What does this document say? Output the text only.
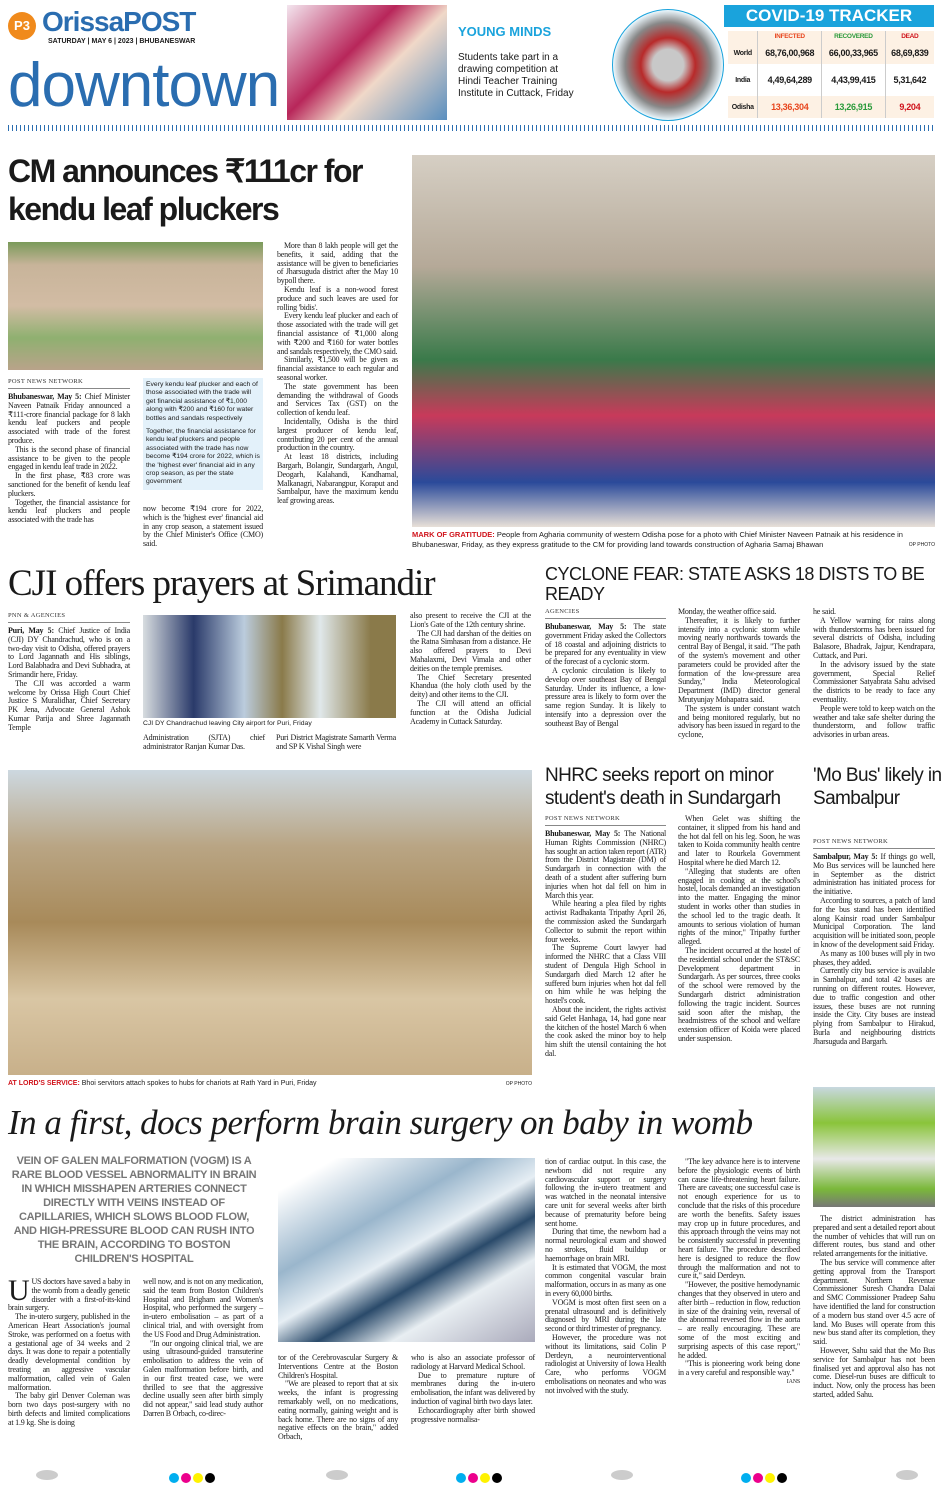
P3 OrissaPOST
SATURDAY | MAY 6 | 2023 | BHUBANESWAR
downtown
YOUNG MINDS
Students take part in a drawing competition at Hindi Teacher Training Institute in Cuttack, Friday
COVID-19 TRACKER
	INFECTED	RECOVERED	DEAD
World	68,76,00,968	66,00,33,965	68,69,839
India	4,49,64,289	4,43,99,415	5,31,642
Odisha	13,36,304	13,26,915	9,204
CM announces ₹111cr for kendu leaf pluckers
POST NEWS NETWORK

Bhubaneswar, May 5: Chief Minister Naveen Patnaik Friday announced a ₹111-crore financial package for 8 lakh kendu leaf puckers and people associated with trade of the forest produce.

This is the second phase of financial assistance to be given to the people engaged in kendu leaf trade in 2022.

In the first phase, ₹83 crore was sanctioned for the benefit of kendu leaf pluckers.

Together, the financial assistance for kendu leaf pluckers and people associated with the trade has

Every kendu leaf plucker and each of those associated with the trade will get financial assistance of ₹1,000 along with ₹200 and ₹160 for water bottles and sandals respectively

Together, the financial assistance for kendu leaf pluckers and people associated with the trade has now become ₹194 crore for 2022, which is the 'highest ever' financial aid in any crop season, as per the state government

now become ₹194 crore for 2022, which is the 'highest ever' financial aid in any crop season, a statement issued by the Chief Minister's Office (CMO) said.

More than 8 lakh people will get the benefits, it said, adding that the assistance will be given to beneficiaries of Jharsuguda district after the May 10 bypoll there.

Kendu leaf is a non-wood forest produce and such leaves are used for rolling 'bidis'.

Every kendu leaf plucker and each of those associated with the trade will get financial assistance of ₹1,000 along with ₹200 and ₹160 for water bottles and sandals respectively, the CMO said.

Similarly, ₹1,500 will be given as financial assistance to each regular and seasonal worker.

The state government has been demanding the withdrawal of Goods and Services Tax (GST) on the collection of kendu leaf.

Incidentally, Odisha is the third largest producer of kendu leaf, contributing 20 per cent of the annual production in the country.

At least 18 districts, including Bargarh, Bolangir, Sundargarh, Angul, Deogarh, Kalahandi, Kandhamal, Malkanagri, Nabarangpur, Koraput and Sambalpur, have the maximum kendu leaf growing areas.

MARK OF GRATITUDE: People from Agharia community of western Odisha pose for a photo with Chief Minister Naveen Patnaik at his residence in Bhubaneswar, Friday, as they express gratitude to the CM for providing land towards construction of Agharia Samaj Bhawan	OP PHOTO
CJI offers prayers at Srimandir
PNN & AGENCIES

Puri, May 5: Chief Justice of India (CJI) DY Chandrachud, who is on a two-day visit to Odisha, offered prayers to Lord Jagannath and His siblings, Lord Balabhadra and Devi Subhadra, at Srimandir here, Friday.

The CJI was accorded a warm welcome by Orissa High Court Chief Justice S Muralidhar, Chief Secretary PK Jena, Advocate General Ashok Kumar Parija and Shree Jagannath Temple	CJI DY Chandrachud leaving City airport for Puri, Friday

Administration (SJTA) chief administrator Ranjan Kumar Das.

Puri District Magistrate Samarth Verma and SP K Vishal Singh were

also present to receive the CJI at the Lion's Gate of the 12th century shrine.

The CJI had darshan of the deities on the Ratna Simhasan from a distance. He also offered prayers to Devi Mahalaxmi, Devi Vimala and other deities on the temple premises.

The Chief Secretary presented Khandua (the holy cloth used by the deity) and other items to the CJI.

The CJI will attend an official function at the Odisha Judicial Academy in Cuttack Saturday.

CYCLONE FEAR: STATE ASKS 18 DISTS TO BE READY
AGENCIES

Bhubaneswar, May 5: The state government Friday asked the Collectors of 18 coastal and adjoining districts to be prepared for any eventuality in view of the forecast of a cyclonic storm.

A cyclonic circulation is likely to develop over southeast Bay of Bengal Saturday. Under its influence, a low-pressure area is likely to form over the same region Sunday. It is likely to intensify into a depression over the southeast Bay of Bengal

Monday, the weather office said.

Thereafter, it is likely to further intensify into a cyclonic storm while moving nearly northwards towards the central Bay of Bengal, it said. "The path of the system's movement and other parameters could be provided after the formation of the low-pressure area Sunday," India Meteorological Department (IMD) director general Mrutyunjay Mohapatra said.

The system is under constant watch and being monitored regularly, but no advisory has been issued in regard to the cyclone,

he said.

A Yellow warning for rains along with thunderstorms has been issued for several districts of Odisha, including Balasore, Bhadrak, Jajpur, Kendrapara, Cuttack, and Puri.

In the advisory issued by the state government, Special Relief Commissioner Satyabrata Sahu advised the districts to be ready to face any eventuality.

People were told to keep watch on the weather and take safe shelter during the thunderstorm, and follow traffic advisories in urban areas.

AT LORD'S SERVICE: Bhoi servitors attach spokes to hubs for chariots at Rath Yard in Puri, Friday	OP PHOTO
NHRC seeks report on minor student's death in Sundargarh
POST NEWS NETWORK

Bhubaneswar, May 5: The National Human Rights Commission (NHRC) has sought an action taken report (ATR) from the District Magistrate (DM) of Sundargarh in connection with the death of a student after suffering burn injuries when hot dal fell on him in March this year.

While hearing a plea filed by rights activist Radhakanta Tripathy April 26, the commission asked the Sundargarh Collector to submit the report within four weeks.

The Supreme Court lawyer had informed the NHRC that a Class VIII student of Dengula High School in Sundargarh died March 12 after he suffered burn injuries when hot dal fell on him while he was helping the hostel's cook.

About the incident, the rights activist said Gelet Hanhaga, 14, had gone near the kitchen of the hostel March 6 when the cook asked the minor boy to help him shift the utensil containing the hot dal.

When Gelet was shifting the container, it slipped from his hand and the hot dal fell on his leg. Soon, he was taken to Koida community health centre and later to Rourkela Government Hospital where he died March 12.

"Alleging that students are often engaged in cooking at the school's hostel, locals demanded an investigation into the matter. Engaging the minor student in works other than studies in the school led to the tragic death. It amounts to serious violation of human rights of the minor," Tripathy further alleged.

The incident occurred at the hostel of the residential school under the ST&SC Development department in Sundargarh. As per sources, three cooks of the school were removed by the Sundargarh district administration following the tragic incident. Sources said soon after the mishap, the headmistress of the school and welfare extension officer of Koida were placed under suspension.

'Mo Bus' likely in Sambalpur
POST NEWS NETWORK

Sambalpur, May 5: If things go well, Mo Bus services will be launched here in September as the district administration has initiated process for the initiative.

According to sources, a patch of land for the bus stand has been identified along Kainsir road under Sambalpur Municipal Corporation. The land acquisition will be initiated soon, people in know of the development said Friday.

As many as 100 buses will ply in two phases, they added.

Currently city bus service is available in Sambalpur, and total 42 buses are running on different routes. However, due to traffic congestion and other issues, these buses are not running inside the City. City buses are instead plying from Sambalpur to Hirakud, Burla and neighbouring districts Jharsuguda and Bargarh.

The district administration has prepared and sent a detailed report about the number of vehicles that will run on different routes, bus stand and other related arrangements for the initiative.

The bus service will commence after getting approval from the Transport department. Northern Revenue Commissioner Suresh Chandra Dalai and SMC Commissioner Pradeep Sahu have identified the land for construction of a modern bus stand over 4.5 acre of land. Mo Buses will operate from this new bus stand after its completion, they said.

However, Sahu said that the Mo Bus service for Sambalpur has not been finalised yet and approval also has not come. Diesel-run buses are difficult to induct. Now, only the process has been started, added Sahu.

In a first, docs perform brain surgery on baby in womb
VEIN OF GALEN MALFORMATION (VOGM) IS A RARE BLOOD VESSEL ABNORMALITY IN BRAIN IN WHICH MISSHAPEN ARTERIES CONNECT DIRECTLY WITH VEINS INSTEAD OF CAPILLARIES, WHICH SLOWS BLOOD FLOW, AND HIGH-PRESSURE BLOOD CAN RUSH INTO THE BRAIN, ACCORDING TO BOSTON CHILDREN'S HOSPITAL

UUS doctors have saved a baby in the womb from a deadly genetic disorder with a first-of-its-kind brain surgery.

The in-utero surgery, published in the American Heart Association's journal Stroke, was performed on a foetus with a gestational age of 34 weeks and 2 days. It was done to repair a potentially deadly developmental condition by treating an aggressive vascular malformation, called vein of Galen malformation.

The baby girl Denver Coleman was born two days post-surgery with no birth defects and limited complications at 1.9 kg. She is doing

well now, and is not on any medication, said the team from Boston Children's Hospital and Brigham and Women's Hospital, who performed the surgery – in-utero embolisation – as part of a clinical trial, and with oversight from the US Food and Drug Administration.

"In our ongoing clinical trial, we are using ultrasound-guided transuterine embolisation to address the vein of Galen malformation before birth, and in our first treated case, we were thrilled to see that the aggressive decline usually seen after birth simply did not appear," said lead study author Darren B Orbach, co-direc-

tor of the Cerebrovascular Surgery & Interventions Centre at the Boston Children's Hospital.

"We are pleased to report that at six weeks, the infant is progressing remarkably well, on no medications, eating normally, gaining weight and is back home. There are no signs of any negative effects on the brain," added Orbach,

who is also an associate professor of radiology at Harvard Medical School.

Due to premature rupture of membranes during the in-utero embolisation, the infant was delivered by induction of vaginal birth two days later.

Echocardiography after birth showed progressive normalisa-

tion of cardiac output. In this case, the newborn did not require any cardiovascular support or surgery following the in-utero treatment and was watched in the neonatal intensive care unit for several weeks after birth because of prematurity before being sent home.

During that time, the newborn had a normal neurological exam and showed no strokes, fluid buildup or haemorrhage on brain MRI.

It is estimated that VOGM, the most common congenital vascular brain malformation, occurs in as many as one in every 60,000 births.

VOGM is most often first seen on a prenatal ultrasound and is definitively diagnosed by MRI during the late second or third trimester of pregnancy.

However, the procedure was not without its limitations, said Colin P Derdeyn, a neurointerventional radiologist at University of Iowa Health Care, who performs VOGM embolisations on neonates and who was not involved with the study.

"The key advance here is to intervene before the physiologic events of birth can cause life-threatening heart failure. There are caveats; one successful case is not enough experience for us to conclude that the risks of this procedure are worth the benefits. Safety issues may crop up in future procedures, and this approach through the veins may not be consistently successful in preventing heart failure. The procedure described here is designed to reduce the flow through the malformation and not to cure it," said Derdeyn.

"However, the positive hemodynamic changes that they observed in utero and after birth – reduction in flow, reduction in size of the draining vein, reversal of the abnormal reversed flow in the aorta – are really encouraging. These are some of the most exciting and surprising aspects of this case report," he added.

"This is pioneering work being done in a very careful and responsible way."

IANS
